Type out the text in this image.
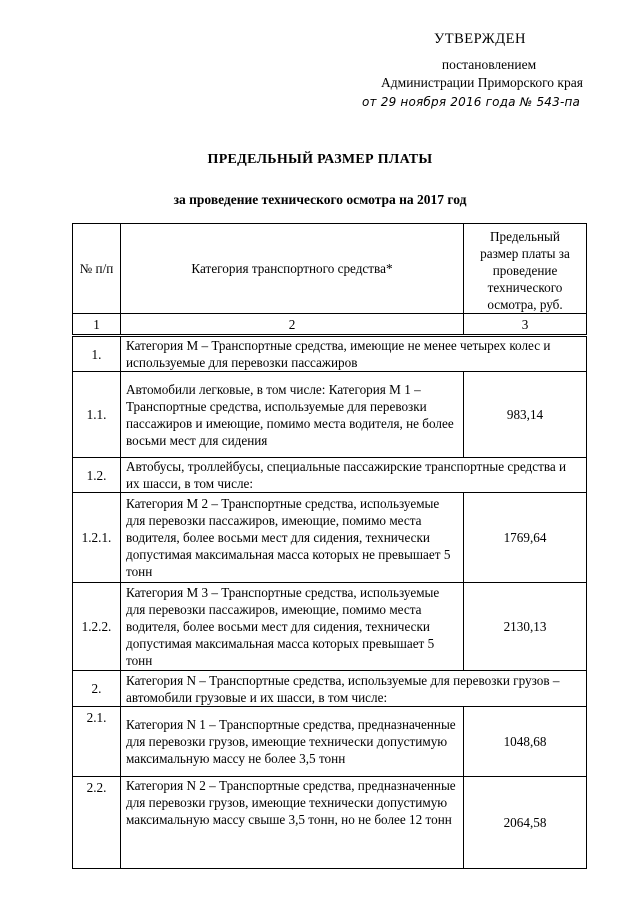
УТВЕРЖДЕН
постановлением
Администрации Приморского края
от 29 ноября 2016 года № 543-па
ПРЕДЕЛЬНЫЙ РАЗМЕР ПЛАТЫ
за проведение технического осмотра на 2017 год
№ п/п	Категория транспортного средства*	Предельный размер платы за проведение технического осмотра, руб.
1	2	3
1.	Категория М – Транспортные средства, имеющие не менее четырех колес и используемые для перевозки пассажиров	
1.1.	Автомобили легковые, в том числе: Категория М 1 – Транспортные средства, используемые для перевозки пассажиров и имеющие, помимо места водителя, не более восьми мест для сидения	983,14
1.2.	Автобусы, троллейбусы, специальные пассажирские транспортные средства и их шасси, в том числе:	
1.2.1.	Категория М 2 – Транспортные средства, используемые для перевозки пассажиров, имеющие, помимо места водителя, более восьми мест для сидения, технически допустимая максимальная масса которых не превышает 5 тонн	1769,64
1.2.2.	Категория М 3 – Транспортные средства, используемые для перевозки пассажиров, имеющие, помимо места водителя, более восьми мест для сидения, технически допустимая максимальная масса которых превышает 5 тонн	2130,13
2.	Категория N – Транспортные средства, используемые для перевозки грузов – автомобили грузовые и их шасси, в том числе:	
2.1.	Категория N 1 – Транспортные средства, предназначенные для перевозки грузов, имеющие технически допустимую максимальную массу не более 3,5 тонн	1048,68
2.2.	Категория N 2 – Транспортные средства, предназначенные для перевозки грузов, имеющие технически допустимую максимальную массу свыше 3,5 тонн, но не более 12 тонн	2064,58
